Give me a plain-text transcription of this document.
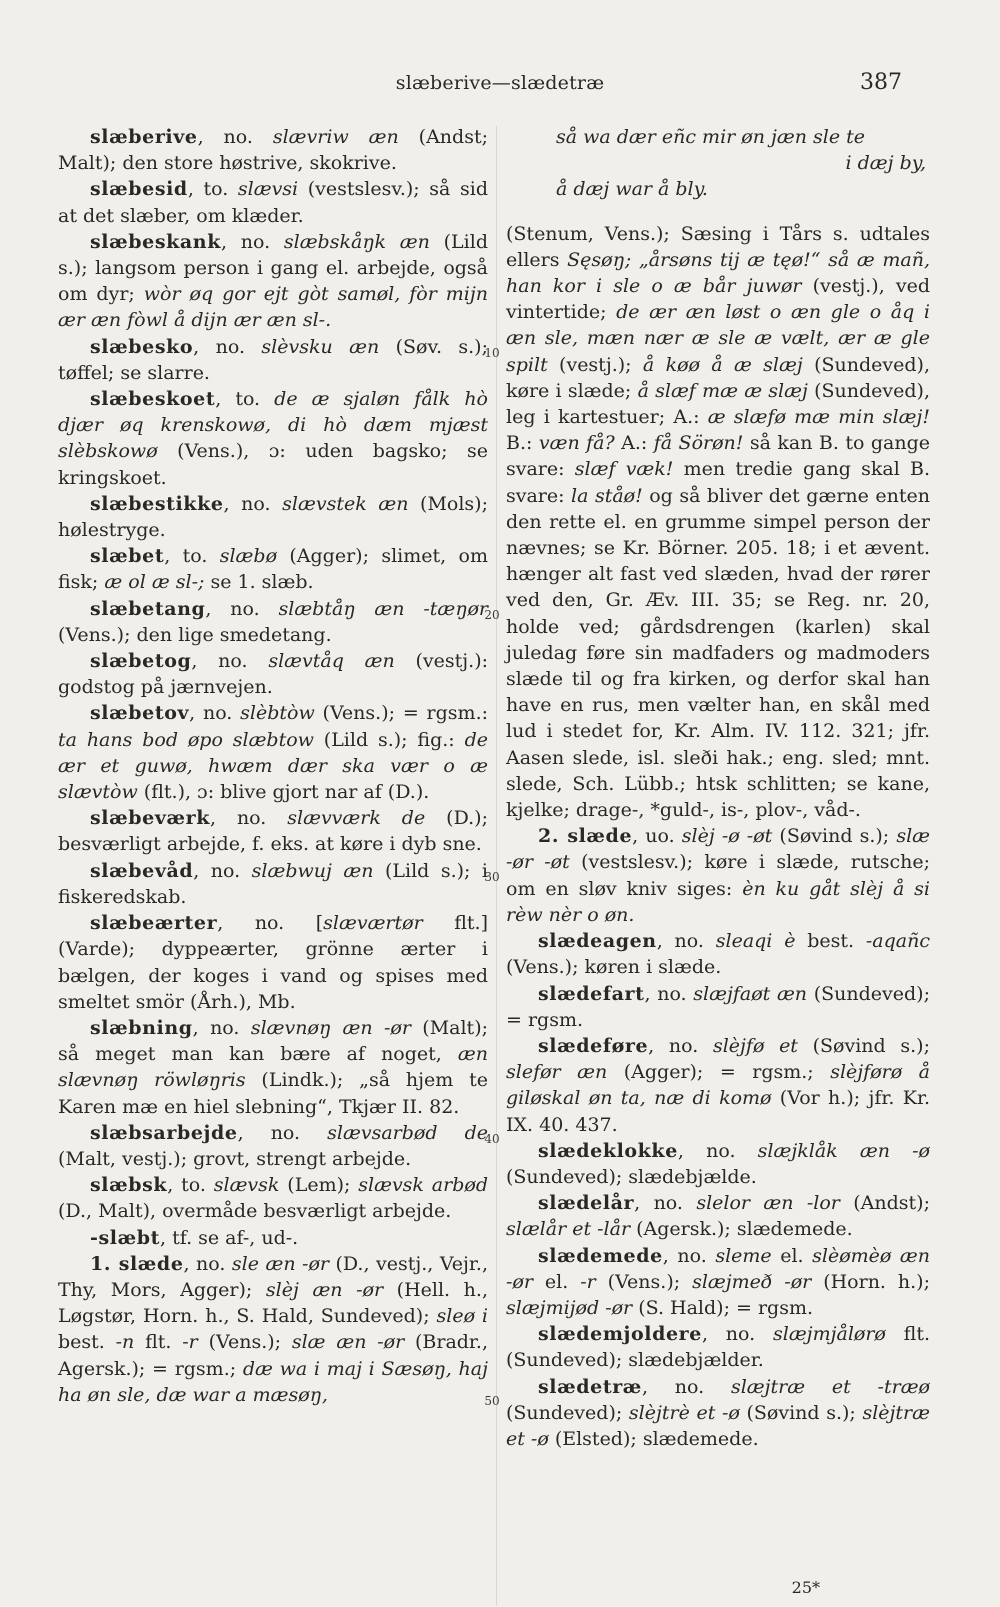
slæberive—slædetræ	387
10
20
30
40
50

slæberive, no. slævriw æn (Andst; Malt); den store høstrive, skokrive.

slæbesid, to. slævsi (vestslesv.); så sid at det slæber, om klæder.

slæbeskank, no. slæbskåŋk æn (Lild s.); langsom person i gang el. arbejde, også om dyr; wòr øq gor ejt gòt samøl, fòr mijn ær æn fòwl å dijn ær æn sl-.

slæbesko, no. slèvsku æn (Søv. s.); tøffel; se slarre.

slæbeskoet, to. de æ sjaløn fålk hò djær øq krenskowø, di hò dæm mjæst slèbskowø (Vens.), ɔ: uden bagsko; se kringskoet.

slæbestikke, no. slævstek æn (Mols); hølestryge.

slæbet, to. slæbø (Agger); slimet, om fisk; æ ol æ sl-; se 1. slæb.

slæbetang, no. slæbtåŋ æn -tæŋør (Vens.); den lige smedetang.

slæbetog, no. slævtåq æn (vestj.): godstog på jærnvejen.

slæbetov, no. slèbtòw (Vens.); = rgsm.: ta hans bod øpo slæbtow (Lild s.); fig.: de ær et guwø, hwæm dær ska vær o æ slævtòw (flt.), ɔ: blive gjort nar af (D.).

slæbeværk, no. slævværk de (D.); besværligt arbejde, f. eks. at køre i dyb sne.

slæbevåd, no. slæbwuj æn (Lild s.); i fiskeredskab.

slæbeærter, no. [slæværtør flt.] (Varde); dyppeærter, grönne ærter i bælgen, der koges i vand og spises med smeltet smör (Årh.), Mb.

slæbning, no. slævnøŋ æn -ør (Malt); så meget man kan bære af noget, æn slævnøŋ röwløŋris (Lindk.); „så hjem te Karen mæ en hiel slebning“, Tkjær II. 82.

slæbsarbejde, no. slævsarbød de (Malt, vestj.); grovt, strengt arbejde.

slæbsk, to. slævsk (Lem); slævsk arbød (D., Malt), overmåde besværligt arbejde.

-slæbt, tf. se af-, ud-.

1. slæde, no. sle æn -ør (D., vestj., Vejr., Thy, Mors, Agger); slèj æn -ør (Hell. h., Løgstør, Horn. h., S. Hald, Sundeved); sleø i best. -n flt. -r (Vens.); slæ æn -ør (Bradr., Agersk.); = rgsm.; dæ wa i maj i Sæsøŋ, haj ha øn sle, dæ war a mæsøŋ,

så wa dær eñc mir øn jæn sle te

i dæj by,

å dæj war å bly.

(Stenum, Vens.); Sæsing i Tårs s. udtales ellers Sęsøŋ; „årsøns tij æ tęø!“ så æ mañ, han kor i sle o æ bår juwør (vestj.), ved vintertide; de ær æn løst o æn gle o åq i æn sle, mæn nær æ sle æ vælt, ær æ gle spilt (vestj.); å køø å æ slæj (Sundeved), køre i slæde; å slæf mæ æ slæj (Sundeved), leg i kartestuer; A.: æ slæfø mæ min slæj! B.: væn få? A.: få Sörøn! så kan B. to gange svare: slæf væk! men tredie gang skal B. svare: la ståø! og så bliver det gærne enten den rette el. en grumme simpel person der nævnes; se Kr. Börner. 205. 18; i et ævent. hænger alt fast ved slæden, hvad der rører ved den, Gr. Æv. III. 35; se Reg. nr. 20, holde ved; gårdsdrengen (karlen) skal juledag føre sin madfaders og madmoders slæde til og fra kirken, og derfor skal han have en rus, men vælter han, en skål med lud i stedet for, Kr. Alm. IV. 112. 321; jfr. Aasen slede, isl. sleði hak.; eng. sled; mnt. slede, Sch. Lübb.; htsk schlitten; se kane, kjelke; drage-, *guld-, is-, plov-, våd-.

2. slæde, uo. slèj -ø -øt (Søvind s.); slæ -ør -øt (vestslesv.); køre i slæde, rutsche; om en sløv kniv siges: èn ku gåt slèj å si rèw nèr o øn.

slædeagen, no. sleaqi è best. -aqañc (Vens.); køren i slæde.

slædefart, no. slæjfaøt æn (Sundeved); = rgsm.

slædeføre, no. slèjfø et (Søvind s.); slefør æn (Agger); = rgsm.; slèjførø å giløskal øn ta, næ di komø (Vor h.); jfr. Kr. IX. 40. 437.

slædeklokke, no. slæjklåk æn -ø (Sundeved); slædebjælde.

slædelår, no. slelor æn -lor (Andst); slælår et -lår (Agersk.); slædemede.

slædemede, no. sleme el. slèømèø æn -ør el. -r (Vens.); slæjmeð -ør (Horn. h.); slæjmijød -ør (S. Hald); = rgsm.

slædemjoldere, no. slæjmjålørø flt. (Sundeved); slædebjælder.

slædetræ, no. slæjtræ et -træø (Sundeved); slèjtrè et -ø (Søvind s.); slèjtræ et -ø (Elsted); slædemede.

25*
